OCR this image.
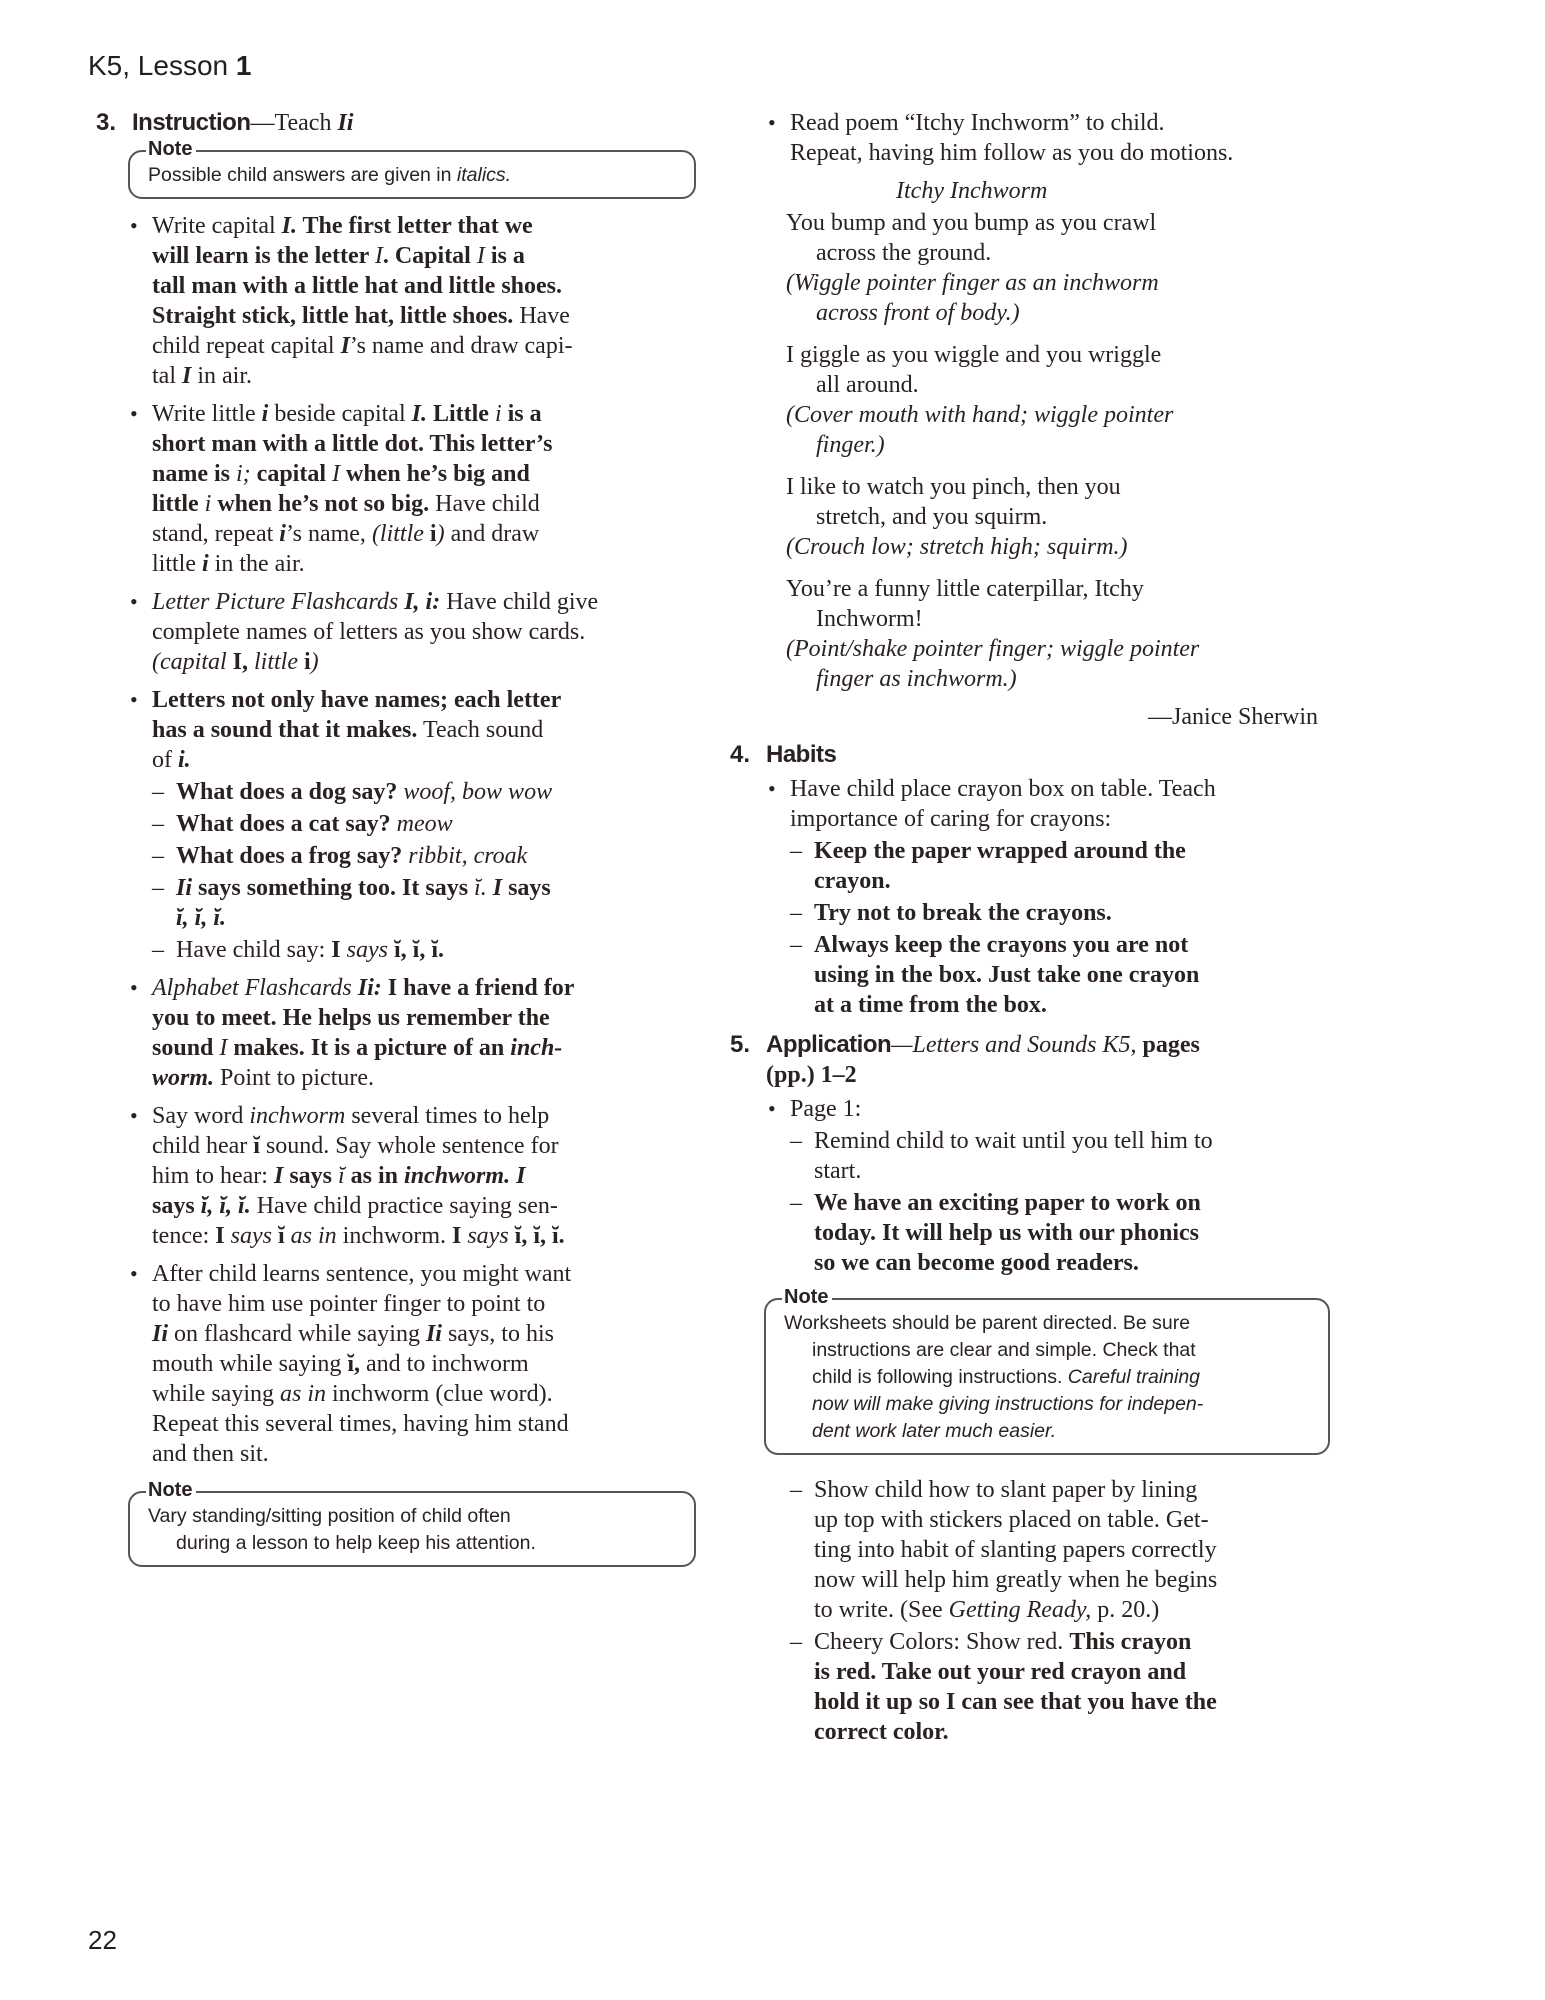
K5, Lesson 1
3. Instruction—Teach Ii
Note
Possible child answers are given in italics.
• Write capital I. The first letter that we
will learn is the letter I. Capital I is a
tall man with a little hat and little shoes.
Straight stick, little hat, little shoes. Have
child repeat capital I’s name and draw capi-
tal I in air.
• Write little i beside capital I. Little i is a
short man with a little dot. This letter’s
name is i; capital I when he’s big and
little i when he’s not so big. Have child
stand, repeat i’s name, (little i) and draw
little i in the air.
• Letter Picture Flashcards I, i: Have child give
complete names of letters as you show cards.
(capital I, little i)
• Letters not only have names; each letter
has a sound that it makes. Teach sound
of i.
– What does a dog say? woof, bow wow
– What does a cat say? meow
– What does a frog say? ribbit, croak
– Ii says something too. It says ĭ. I says
ĭ, ĭ, ĭ.
– Have child say: I says ĭ, ĭ, ĭ.
• Alphabet Flashcards Ii: I have a friend for
you to meet. He helps us remember the
sound I makes. It is a picture of an inch-
worm. Point to picture.
• Say word inchworm several times to help
child hear ĭ sound. Say whole sentence for
him to hear: I says ĭ as in inchworm. I
says ĭ, ĭ, ĭ. Have child practice saying sen-
tence: I says ĭ as in inchworm. I says ĭ, ĭ, ĭ.
• After child learns sentence, you might want
to have him use pointer finger to point to
Ii on flashcard while saying Ii says, to his
mouth while saying ĭ, and to inchworm
while saying as in inchworm (clue word).
Repeat this several times, having him stand
and then sit.
Note
Vary standing/sitting position of child often
during a lesson to help keep his attention.
• Read poem “Itchy Inchworm” to child.
Repeat, having him follow as you do motions.
Itchy Inchworm
You bump and you bump as you crawl
across the ground.
(Wiggle pointer finger as an inchworm
across front of body.)
I giggle as you wiggle and you wriggle
all around.
(Cover mouth with hand; wiggle pointer
finger.)
I like to watch you pinch, then you
stretch, and you squirm.
(Crouch low; stretch high; squirm.)
You’re a funny little caterpillar, Itchy
Inchworm!
(Point/shake pointer finger; wiggle pointer
finger as inchworm.)
—Janice Sherwin
4. Habits
• Have child place crayon box on table. Teach
importance of caring for crayons:
– Keep the paper wrapped around the
crayon.
– Try not to break the crayons.
– Always keep the crayons you are not
using in the box. Just take one crayon
at a time from the box.
5. Application—Letters and Sounds K5, pages
(pp.) 1–2
• Page 1:
– Remind child to wait until you tell him to
start.
– We have an exciting paper to work on
today. It will help us with our phonics
so we can become good readers.
Note
Worksheets should be parent directed. Be sure
instructions are clear and simple. Check that
child is following instructions. Careful training
now will make giving instructions for indepen-
dent work later much easier.
– Show child how to slant paper by lining
up top with stickers placed on table. Get-
ting into habit of slanting papers correctly
now will help him greatly when he begins
to write. (See Getting Ready, p. 20.)
– Cheery Colors: Show red. This crayon
is red. Take out your red crayon and
hold it up so I can see that you have the
correct color.
22
